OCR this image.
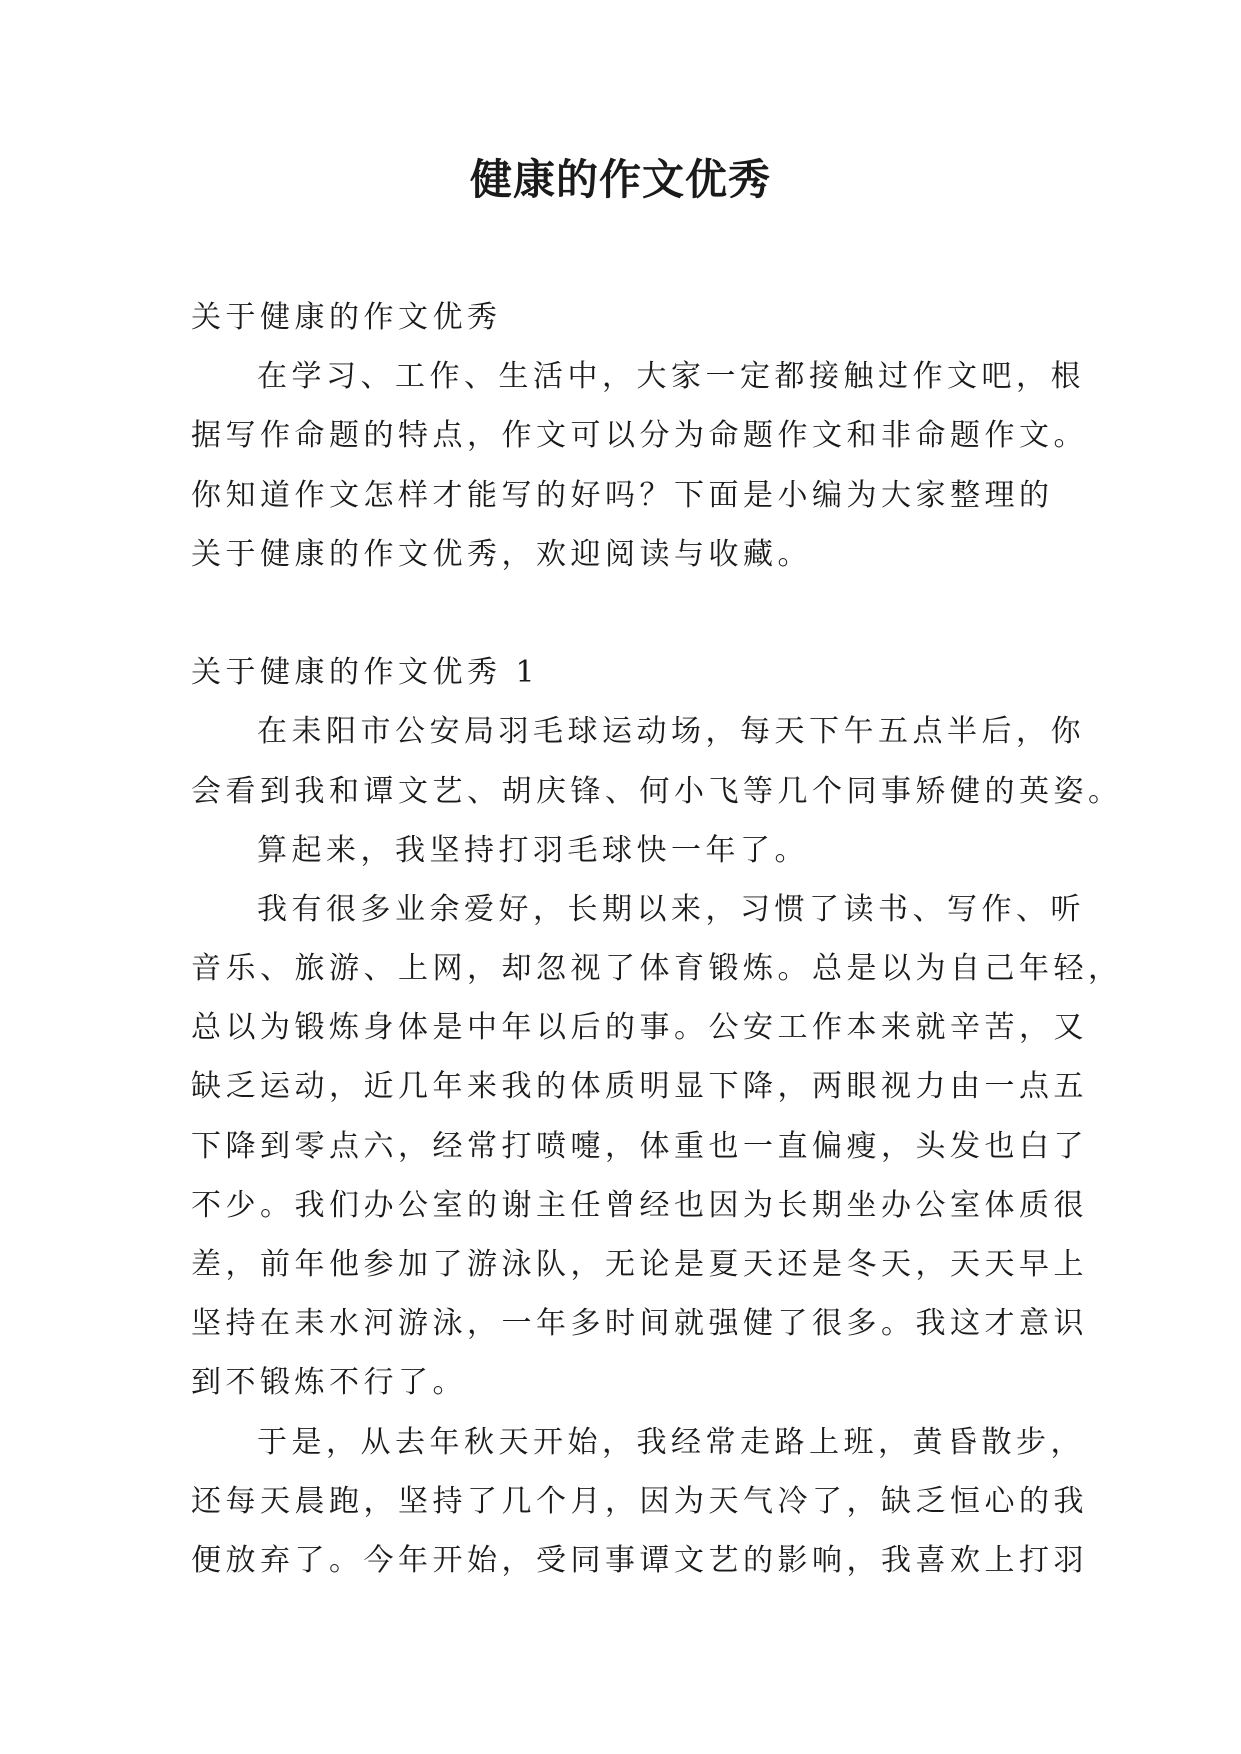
健康的作文优秀
关于健康的作文优秀
在学习、工作、生活中，大家一定都接触过作文吧，根
据写作命题的特点，作文可以分为命题作文和非命题作文。
你知道作文怎样才能写的好吗？下面是小编为大家整理的
关于健康的作文优秀，欢迎阅读与收藏。
关于健康的作文优秀 1
在耒阳市公安局羽毛球运动场，每天下午五点半后，你
会看到我和谭文艺、胡庆锋、何小飞等几个同事矫健的英姿。
算起来，我坚持打羽毛球快一年了。
我有很多业余爱好，长期以来，习惯了读书、写作、听
音乐、旅游、上网，却忽视了体育锻炼。总是以为自己年轻，
总以为锻炼身体是中年以后的事。公安工作本来就辛苦，又
缺乏运动，近几年来我的体质明显下降，两眼视力由一点五
下降到零点六，经常打喷嚏，体重也一直偏瘦，头发也白了
不少。我们办公室的谢主任曾经也因为长期坐办公室体质很
差，前年他参加了游泳队，无论是夏天还是冬天，天天早上
坚持在耒水河游泳，一年多时间就强健了很多。我这才意识
到不锻炼不行了。
于是，从去年秋天开始，我经常走路上班，黄昏散步，
还每天晨跑，坚持了几个月，因为天气冷了，缺乏恒心的我
便放弃了。今年开始，受同事谭文艺的影响，我喜欢上打羽
